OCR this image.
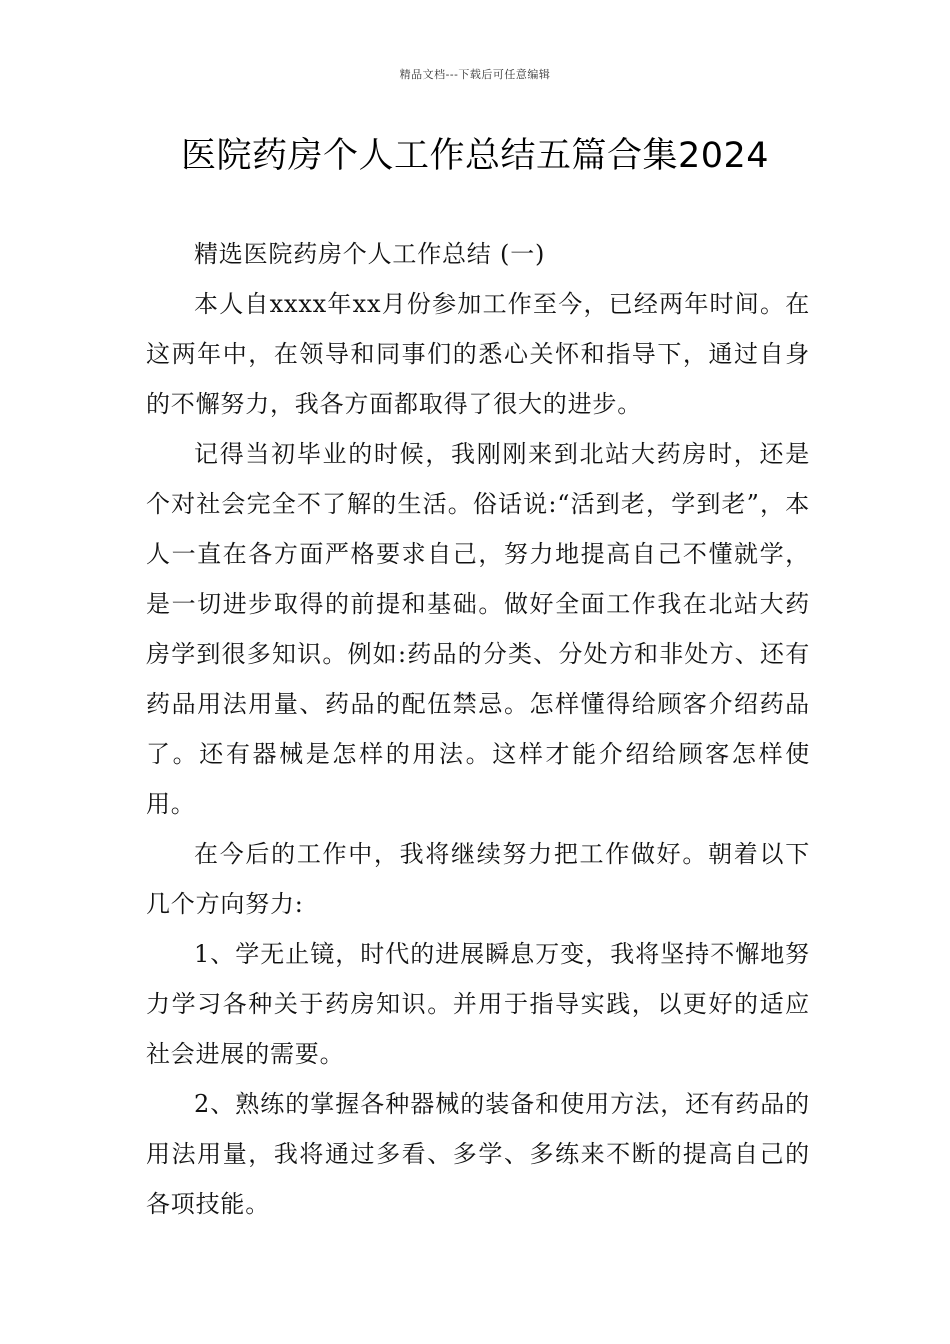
精品文档---下载后可任意编辑
医院药房个人工作总结五篇合集2024

精选医院药房个人工作总结 (一)

本人自xxxx年xx月份参加工作至今，已经两年时间。在这两年中，在领导和同事们的悉心关怀和指导下，通过自身的不懈努力，我各方面都取得了很大的进步。

记得当初毕业的时候，我刚刚来到北站大药房时，还是个对社会完全不了解的生活。俗话说:“活到老，学到老”，本人一直在各方面严格要求自己，努力地提高自己不懂就学，是一切进步取得的前提和基础。做好全面工作我在北站大药房学到很多知识。例如:药品的分类、分处方和非处方、还有药品用法用量、药品的配伍禁忌。怎样懂得给顾客介绍药品了。还有器械是怎样的用法。这样才能介绍给顾客怎样使用。

在今后的工作中，我将继续努力把工作做好。朝着以下几个方向努力:

1、学无止镜，时代的进展瞬息万变，我将坚持不懈地努力学习各种关于药房知识。并用于指导实践，以更好的适应社会进展的需要。

2、熟练的掌握各种器械的装备和使用方法，还有药品的用法用量，我将通过多看、多学、多练来不断的提高自己的各项技能。
